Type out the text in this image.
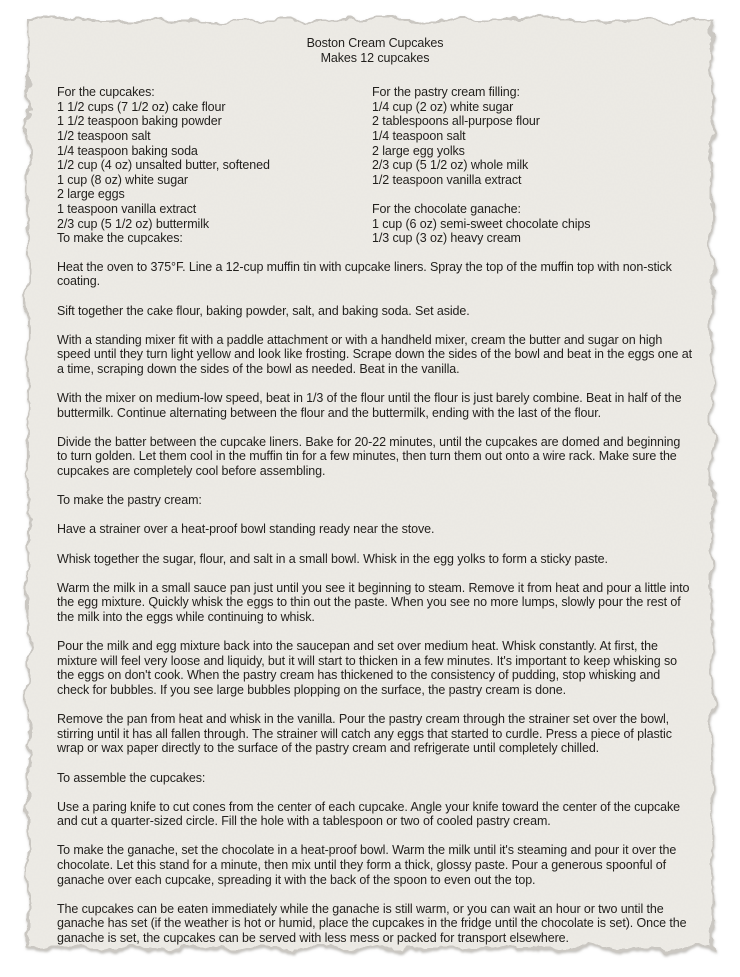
Boston Cream Cupcakes
Makes 12 cupcakes
For the cupcakes:
1 1/2 cups (7 1/2 oz) cake flour
1 1/2 teaspoon baking powder
1/2 teaspoon salt
1/4 teaspoon baking soda
1/2 cup (4 oz) unsalted butter, softened
1 cup (8 oz) white sugar
2 large eggs
1 teaspoon vanilla extract
2/3 cup (5 1/2 oz) buttermilk
To make the cupcakes:
For the pastry cream filling:
1/4 cup (2 oz) white sugar
2 tablespoons all-purpose flour
1/4 teaspoon salt
2 large egg yolks
2/3 cup (5 1/2 oz) whole milk
1/2 teaspoon vanilla extract

For the chocolate ganache:
1 cup (6 oz) semi-sweet chocolate chips
1/3 cup (3 oz) heavy cream

Heat the oven to 375°F. Line a 12-cup muffin tin with cupcake liners. Spray the top of the muffin top with non-stick coating.

Sift together the cake flour, baking powder, salt, and baking soda. Set aside.

With a standing mixer fit with a paddle attachment or with a handheld mixer, cream the butter and sugar on high speed until they turn light yellow and look like frosting. Scrape down the sides of the bowl and beat in the eggs one at a time, scraping down the sides of the bowl as needed. Beat in the vanilla.

With the mixer on medium-low speed, beat in 1/3 of the flour until the flour is just barely combine. Beat in half of the buttermilk. Continue alternating between the flour and the buttermilk, ending with the last of the flour.

Divide the batter between the cupcake liners. Bake for 20-22 minutes, until the cupcakes are domed and beginning to turn golden. Let them cool in the muffin tin for a few minutes, then turn them out onto a wire rack. Make sure the cupcakes are completely cool before assembling.

To make the pastry cream:

Have a strainer over a heat-proof bowl standing ready near the stove.

Whisk together the sugar, flour, and salt in a small bowl. Whisk in the egg yolks to form a sticky paste.

Warm the milk in a small sauce pan just until you see it beginning to steam. Remove it from heat and pour a little into the egg mixture. Quickly whisk the eggs to thin out the paste. When you see no more lumps, slowly pour the rest of the milk into the eggs while continuing to whisk.

Pour the milk and egg mixture back into the saucepan and set over medium heat. Whisk constantly. At first, the mixture will feel very loose and liquidy, but it will start to thicken in a few minutes. It's important to keep whisking so the eggs on don't cook. When the pastry cream has thickened to the consistency of pudding, stop whisking and check for bubbles. If you see large bubbles plopping on the surface, the pastry cream is done.

Remove the pan from heat and whisk in the vanilla. Pour the pastry cream through the strainer set over the bowl, stirring until it has all fallen through. The strainer will catch any eggs that started to curdle. Press a piece of plastic wrap or wax paper directly to the surface of the pastry cream and refrigerate until completely chilled.

To assemble the cupcakes:

Use a paring knife to cut cones from the center of each cupcake. Angle your knife toward the center of the cupcake and cut a quarter-sized circle. Fill the hole with a tablespoon or two of cooled pastry cream.

To make the ganache, set the chocolate in a heat-proof bowl. Warm the milk until it's steaming and pour it over the chocolate. Let this stand for a minute, then mix until they form a thick, glossy paste. Pour a generous spoonful of ganache over each cupcake, spreading it with the back of the spoon to even out the top.

The cupcakes can be eaten immediately while the ganache is still warm, or you can wait an hour or two until the ganache has set (if the weather is hot or humid, place the cupcakes in the fridge until the chocolate is set). Once the ganache is set, the cupcakes can be served with less mess or packed for transport elsewhere.
